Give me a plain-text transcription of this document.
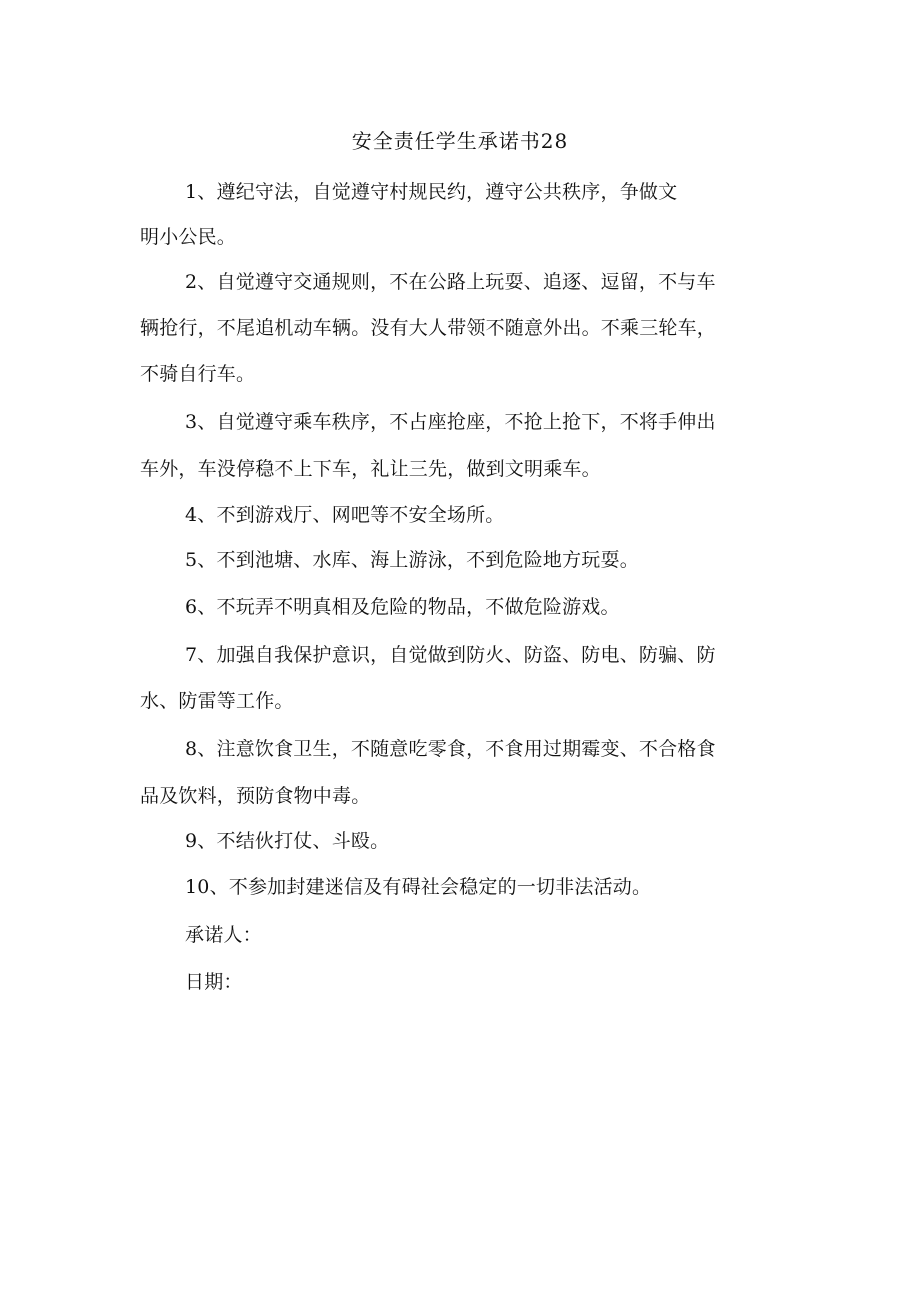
安全责任学生承诺书28
1、遵纪守法，自觉遵守村规民约，遵守公共秩序，争做文
明小公民。
2、自觉遵守交通规则，不在公路上玩耍、追逐、逗留，不与车
辆抢行，不尾追机动车辆。没有大人带领不随意外出。不乘三轮车，
不骑自行车。
3、自觉遵守乘车秩序，不占座抢座，不抢上抢下，不将手伸出
车外，车没停稳不上下车，礼让三先，做到文明乘车。
4、不到游戏厅、网吧等不安全场所。
5、不到池塘、水库、海上游泳，不到危险地方玩耍。
6、不玩弄不明真相及危险的物品，不做危险游戏。
7、加强自我保护意识，自觉做到防火、防盗、防电、防骗、防
水、防雷等工作。
8、注意饮食卫生，不随意吃零食，不食用过期霉变、不合格食
品及饮料，预防食物中毒。
9、不结伙打仗、斗殴。
10、不参加封建迷信及有碍社会稳定的一切非法活动。
承诺人：
日期：
